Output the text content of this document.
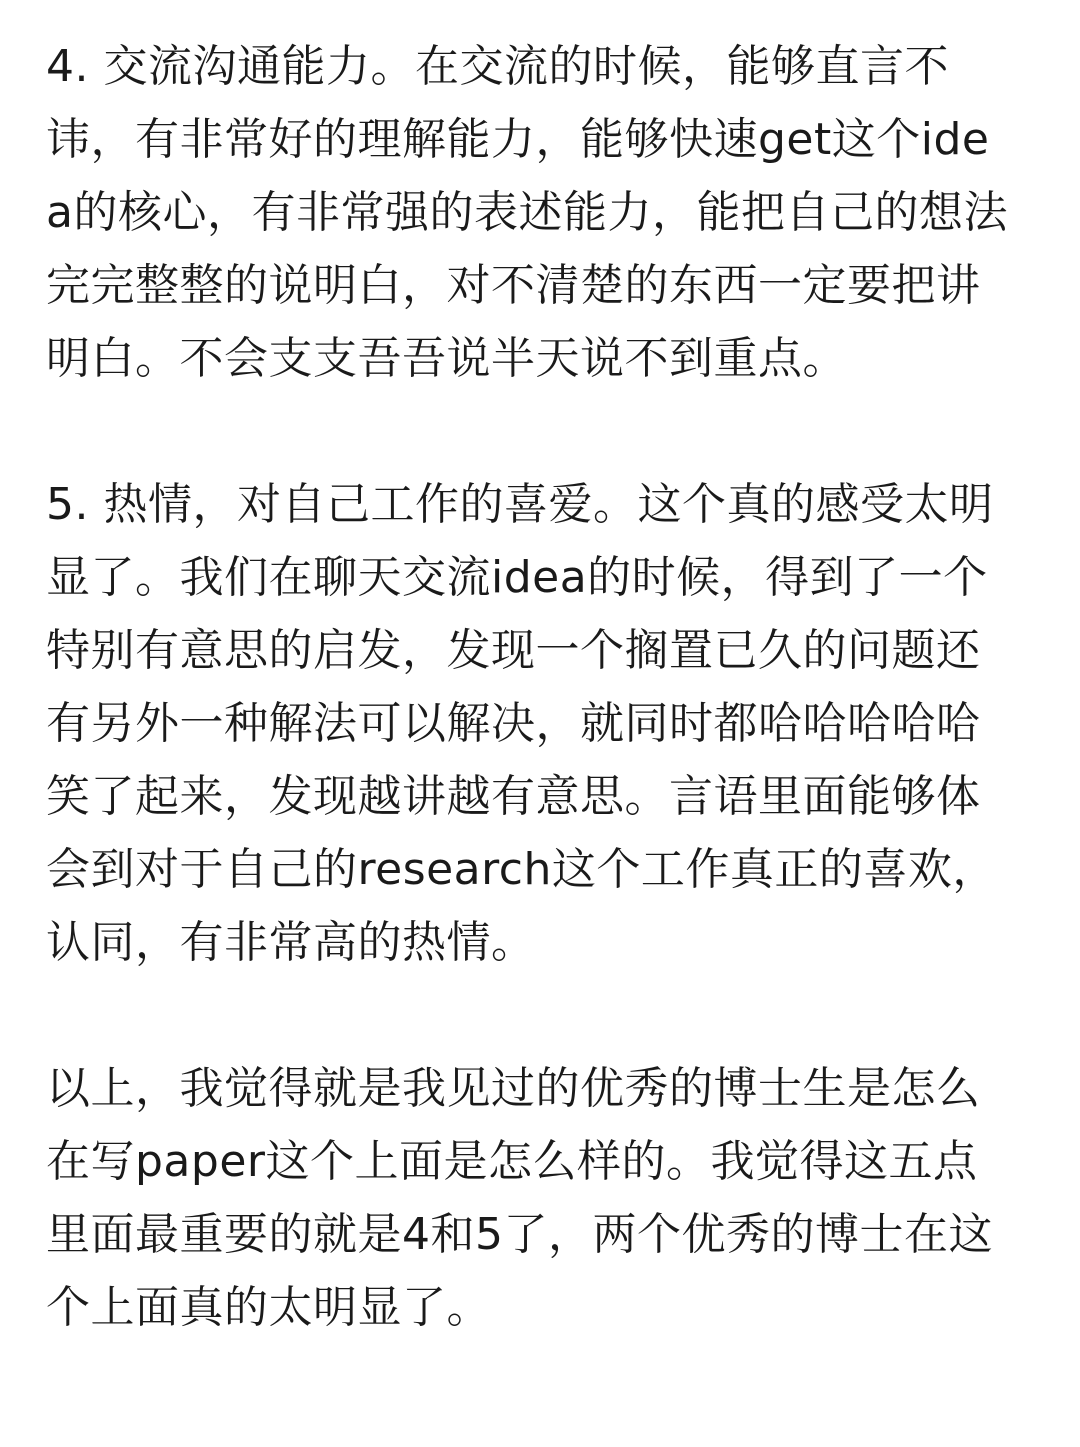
4. 交流沟通能力。在交流的时候，能够直言不讳，有非常好的理解能力，能够快速get这个idea的核心，有非常强的表述能力，能把自己的想法完完整整的说明白，对不清楚的东西一定要把讲明白。不会支支吾吾说半天说不到重点。

5. 热情，对自己工作的喜爱。这个真的感受太明显了。我们在聊天交流idea的时候，得到了一个特别有意思的启发，发现一个搁置已久的问题还有另外一种解法可以解决，就同时都哈哈哈哈哈笑了起来，发现越讲越有意思。言语里面能够体会到对于自己的research这个工作真正的喜欢，认同，有非常高的热情。

以上，我觉得就是我见过的优秀的博士生是怎么在写paper这个上面是怎么样的。我觉得这五点里面最重要的就是4和5了，两个优秀的博士在这个上面真的太明显了。
